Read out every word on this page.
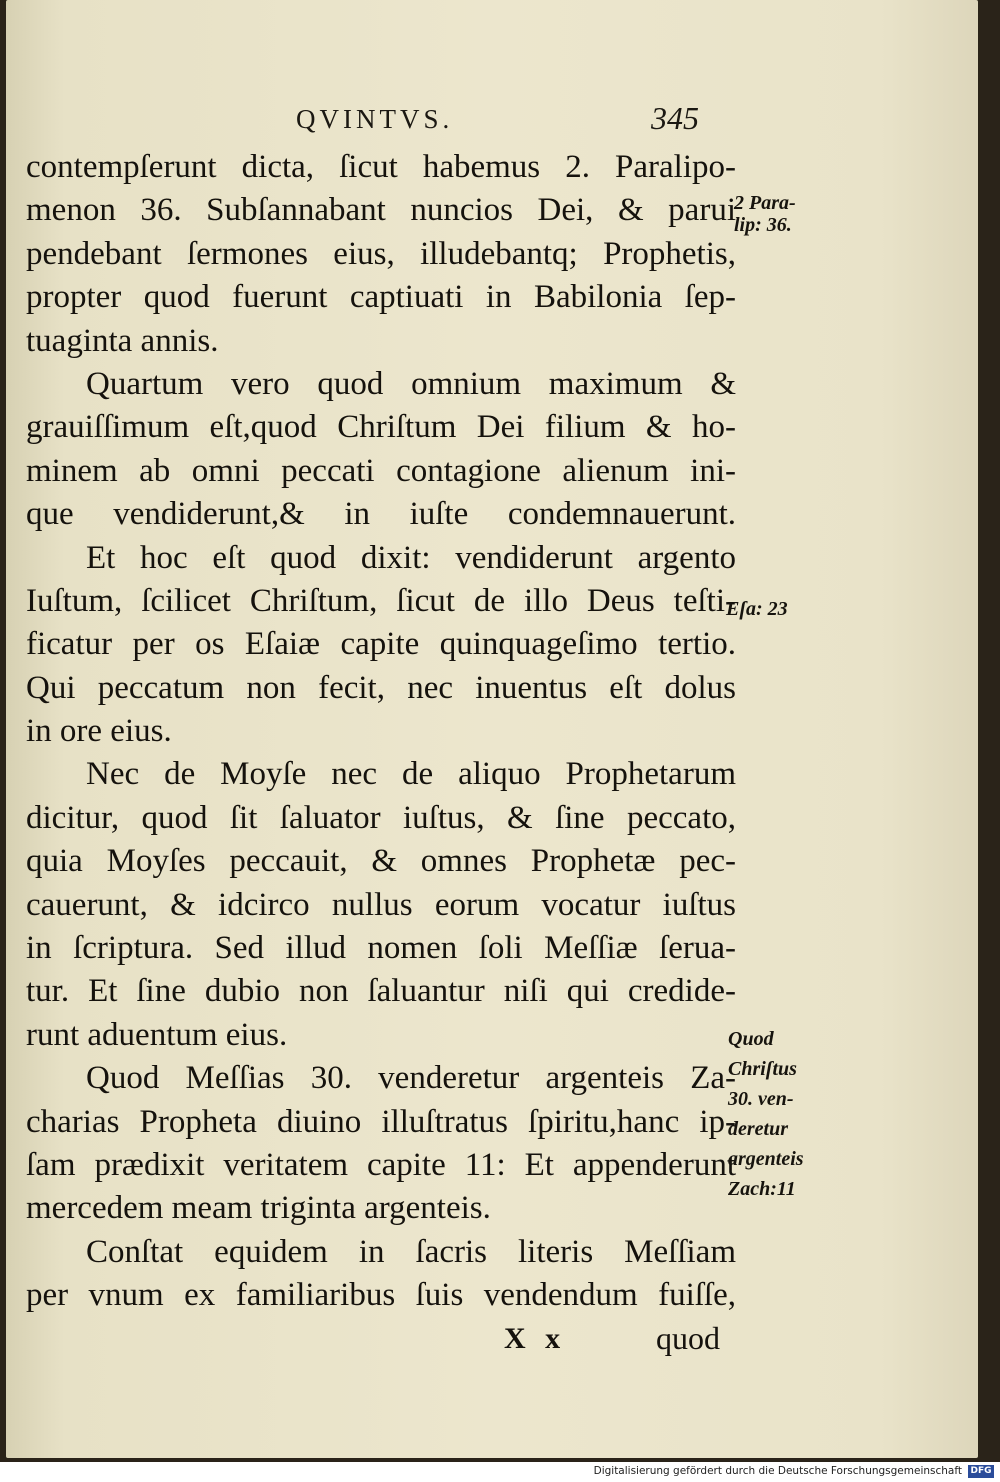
QVINTVS.	345
contempſerunt dicta, ſicut habemus 2. Paralipo-
menon 36. Subſannabant nuncios Dei, & parui
pendebant ſermones eius, illudebantq; Prophetis,
propter quod fuerunt captiuati in Babilonia ſep-
tuaginta annis.
Quartum vero quod omnium maximum &
grauiſſimum eſt,quod Chriſtum Dei filium & ho-
minem ab omni peccati contagione alienum ini-
que vendiderunt,& in iuſte condemnauerunt.
Et hoc eſt quod dixit: vendiderunt argento
Iuſtum, ſcilicet Chriſtum, ſicut de illo Deus teſti-
ficatur per os Eſaiæ capite quinquageſimo tertio.
Qui peccatum non fecit, nec inuentus eſt dolus
in ore eius.
Nec de Moyſe nec de aliquo Prophetarum
dicitur, quod ſit ſaluator iuſtus, & ſine peccato,
quia Moyſes peccauit, & omnes Prophetæ pec-
cauerunt, & idcirco nullus eorum vocatur iuſtus
in ſcriptura. Sed illud nomen ſoli Meſſiæ ſerua-
tur. Et ſine dubio non ſaluantur niſi qui credide-
runt aduentum eius.
Quod Meſſias 30. venderetur argenteis Za-
charias Propheta diuino illuſtratus ſpiritu,hanc ip-
ſam prædixit veritatem capite 11: Et appenderunt
mercedem meam triginta argenteis.
Conſtat equidem in ſacris literis Meſſiam
per vnum ex familiaribus ſuis vendendum fuiſſe,
2 Para-
lip: 36.
Eſa: 23
Quod
Chriſtus
30. ven-
deretur
argenteis
Zach:11
X x	quod
Digitalisierung gefördert durch die Deutsche Forschungsgemeinschaft DFG
